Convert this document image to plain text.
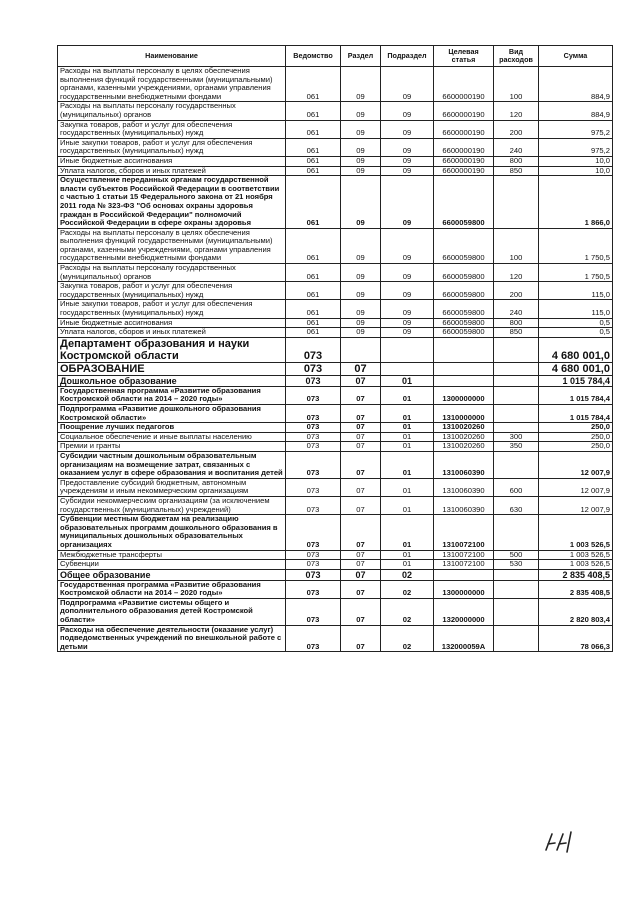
Наименование	Ведомство	Раздел	Подраздел	Целевая статья	Вид расходов	Сумма
Расходы на выплаты персоналу в целях обеспечения выполнения функций государственными (муниципальными) органами, казенными учреждениями, органами управления государственными внебюджетными фондами	061	09	09	6600000190	100	884,9
Расходы на выплаты персоналу государственных (муниципальных) органов	061	09	09	6600000190	120	884,9
Закупка товаров, работ и услуг для обеспечения государственных (муниципальных) нужд	061	09	09	6600000190	200	975,2
Иные закупки товаров, работ и услуг для обеспечения государственных (муниципальных) нужд	061	09	09	6600000190	240	975,2
Иные бюджетные ассигнования	061	09	09	6600000190	800	10,0
Уплата налогов, сборов и иных платежей	061	09	09	6600000190	850	10,0
Осуществление переданных органам государственной власти субъектов Российской Федерации в соответствии с частью 1 статьи 15 Федерального закона от 21 ноября 2011 года № 323-ФЗ "Об основах охраны здоровья граждан в Российской Федерации" полномочий Российской Федерации в сфере охраны здоровья	061	09	09	6600059800		1 866,0
Расходы на выплаты персоналу в целях обеспечения выполнения функций государственными (муниципальными) органами, казенными учреждениями, органами управления государственными внебюджетными фондами	061	09	09	6600059800	100	1 750,5
Расходы на выплаты персоналу государственных (муниципальных) органов	061	09	09	6600059800	120	1 750,5
Закупка товаров, работ и услуг для обеспечения государственных (муниципальных) нужд	061	09	09	6600059800	200	115,0
Иные закупки товаров, работ и услуг для обеспечения государственных (муниципальных) нужд	061	09	09	6600059800	240	115,0
Иные бюджетные ассигнования	061	09	09	6600059800	800	0,5
Уплата налогов, сборов и иных платежей	061	09	09	6600059800	850	0,5
Департамент образования и науки Костромской области	073					4 680 001,0
ОБРАЗОВАНИЕ	073	07				4 680 001,0
Дошкольное образование	073	07	01			1 015 784,4
Государственная программа «Развитие образования Костромской области на 2014 – 2020 годы»	073	07	01	1300000000		1 015 784,4
Подпрограмма «Развитие дошкольного образования Костромской области»	073	07	01	1310000000		1 015 784,4
Поощрение лучших педагогов	073	07	01	1310020260		250,0
Социальное обеспечение и иные выплаты населению	073	07	01	1310020260	300	250,0
Премии и гранты	073	07	01	1310020260	350	250,0
Субсидии частным дошкольным образовательным организациям на возмещение затрат, связанных с оказанием услуг в сфере образования и воспитания детей	073	07	01	1310060390		12 007,9
Предоставление субсидий бюджетным, автономным учреждениям и иным некоммерческим организациям	073	07	01	1310060390	600	12 007,9
Субсидии некоммерческим организациям (за исключением государственных (муниципальных) учреждений)	073	07	01	1310060390	630	12 007,9
Субвенции местным бюджетам на реализацию образовательных программ дошкольного образования в муниципальных дошкольных образовательных организациях	073	07	01	1310072100		1 003 526,5
Межбюджетные трансферты	073	07	01	1310072100	500	1 003 526,5
Субвенции	073	07	01	1310072100	530	1 003 526,5
Общее образование	073	07	02			2 835 408,5
Государственная программа «Развитие образования Костромской области на 2014 – 2020 годы»	073	07	02	1300000000		2 835 408,5
Подпрограмма «Развитие системы общего и дополнительного образования детей Костромской области»	073	07	02	1320000000		2 820 803,4
Расходы на обеспечение деятельности (оказание услуг) подведомственных учреждений по внешкольной работе с детьми	073	07	02	132000059А		78 066,3
